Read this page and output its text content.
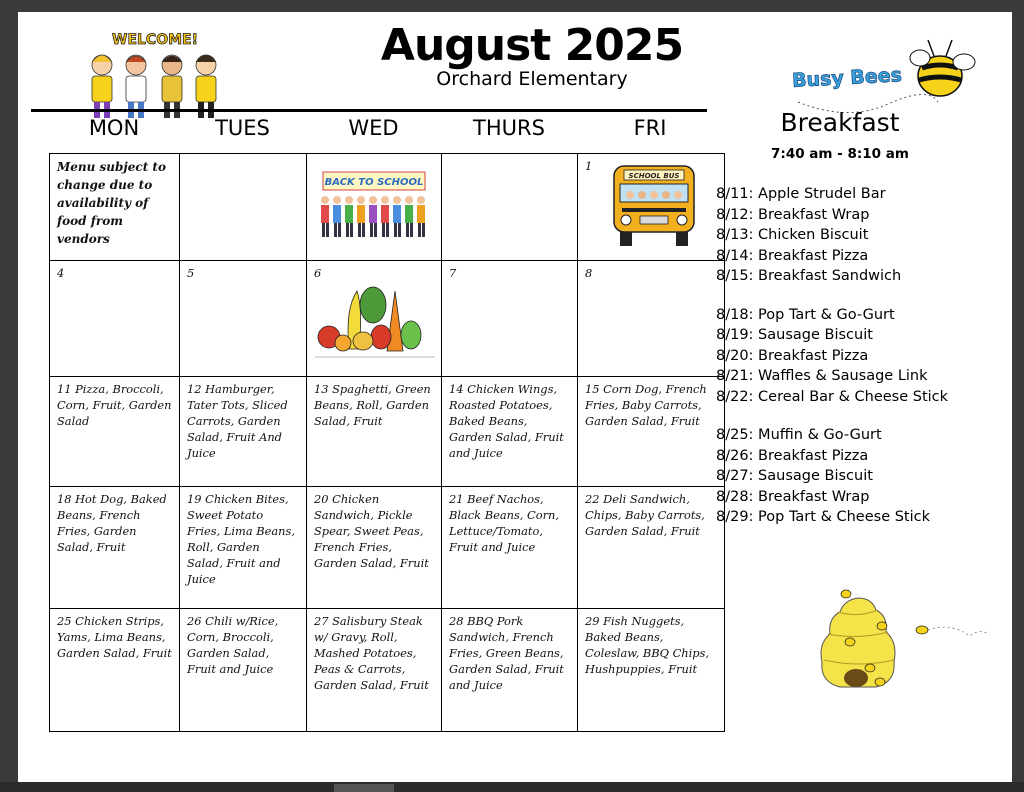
WELCOME!
Busy Bees
August 2025
Orchard Elementary
MON	TUES	WED	THURS	FRI
Menu subject to change due to availability of food from vendors		BACK TO SCHOOL		1
SCHOOL BUS

4	5	6	7	8
11 Pizza, Broccoli, Corn, Fruit, Garden Salad	12 Hamburger, Tater Tots, Sliced Carrots, Garden Salad, Fruit And Juice	13 Spaghetti, Green Beans, Roll, Garden Salad, Fruit	14 Chicken Wings, Roasted Potatoes, Baked Beans, Garden Salad, Fruit and Juice	15 Corn Dog, French Fries, Baby Carrots, Garden Salad, Fruit
18 Hot Dog, Baked Beans, French Fries, Garden Salad, Fruit	19 Chicken Bites, Sweet Potato Fries, Lima Beans, Roll, Garden Salad, Fruit and Juice	20 Chicken Sandwich, Pickle Spear, Sweet Peas, French Fries, Garden Salad, Fruit	21 Beef Nachos, Black Beans, Corn, Lettuce/Tomato, Fruit and Juice	22 Deli Sandwich, Chips, Baby Carrots, Garden Salad, Fruit
25 Chicken Strips, Yams, Lima Beans, Garden Salad, Fruit	26 Chili w/Rice, Corn, Broccoli, Garden Salad, Fruit and Juice	27 Salisbury Steak w/ Gravy, Roll, Mashed Potatoes, Peas & Carrots, Garden Salad, Fruit	28 BBQ Pork Sandwich, French Fries, Green Beans, Garden Salad, Fruit and Juice	29 Fish Nuggets, Baked Beans, Coleslaw, BBQ Chips, Hushpuppies, Fruit
Breakfast
7:40 am - 8:10 am
8/11: Apple Strudel Bar
8/12: Breakfast Wrap
8/13: Chicken Biscuit
8/14: Breakfast Pizza
8/15: Breakfast Sandwich
8/18: Pop Tart & Go-Gurt
8/19: Sausage Biscuit
8/20: Breakfast Pizza
8/21: Waffles & Sausage Link
8/22: Cereal Bar & Cheese Stick
8/25: Muffin & Go-Gurt
8/26: Breakfast Pizza
8/27: Sausage Biscuit
8/28: Breakfast Wrap
8/29: Pop Tart & Cheese Stick
